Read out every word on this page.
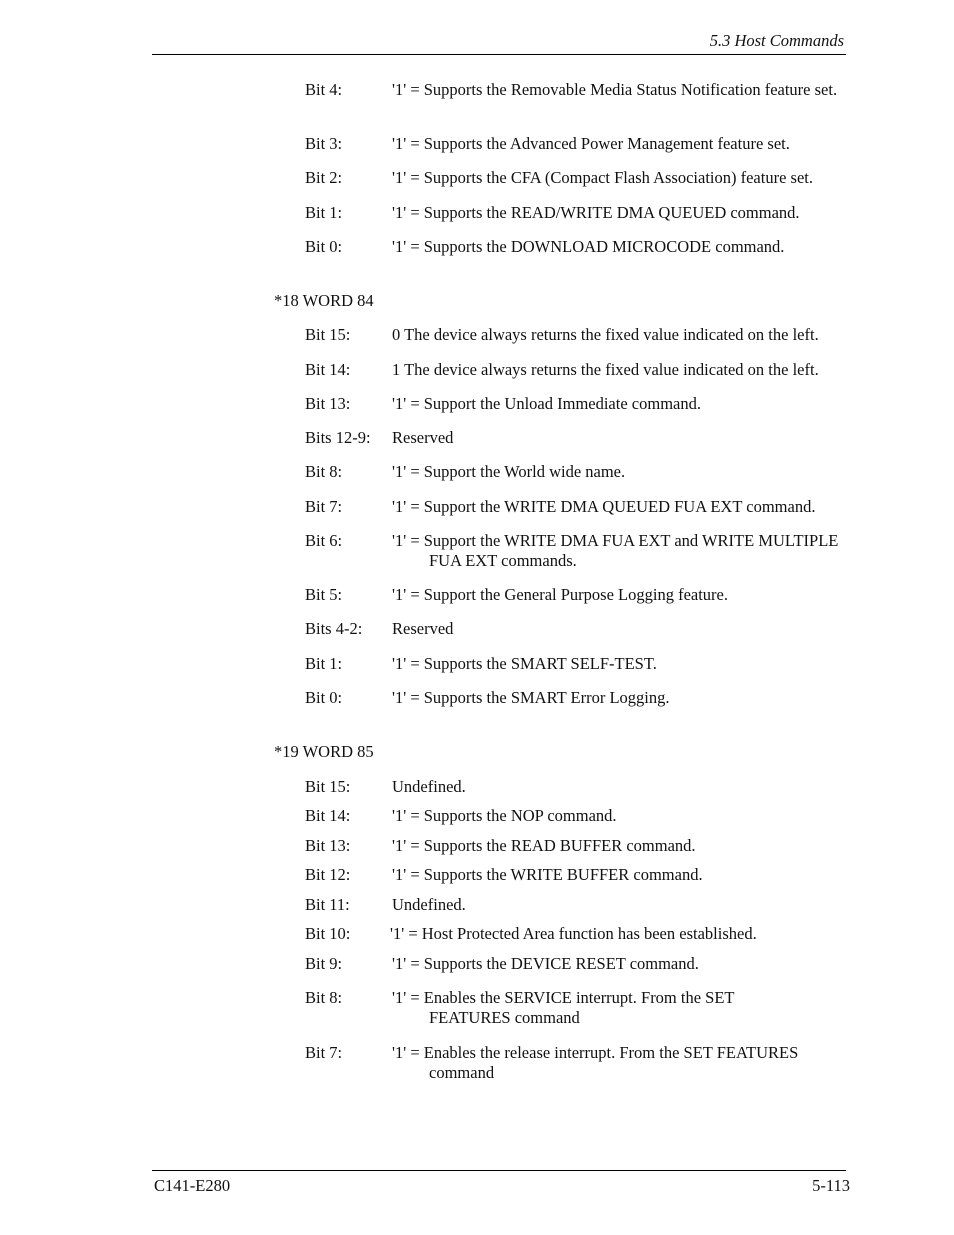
5.3 Host Commands
Bit 4:	'1' = Supports the Removable Media Status Notification feature set.
Bit 3:	'1' = Supports the Advanced Power Management feature set.
Bit 2:	'1' = Supports the CFA (Compact Flash Association) feature set.
Bit 1:	'1' = Supports the READ/WRITE DMA QUEUED command.
Bit 0:	'1' = Supports the DOWNLOAD MICROCODE command.
*18 WORD 84
Bit 15:	0 The device always returns the fixed value indicated on the left.
Bit 14:	1 The device always returns the fixed value indicated on the left.
Bit 13:	'1' = Support the Unload Immediate command.
Bits 12-9: Reserved
Bit 8:	'1' = Support the World wide name.
Bit 7:	'1' = Support the WRITE DMA QUEUED FUA EXT command.
Bit 6:	'1' = Support the WRITE DMA FUA EXT and WRITE MULTIPLE FUA EXT commands.
Bit 5:	'1' = Support the General Purpose Logging feature.
Bits 4-2: Reserved
Bit 1:	'1' = Supports the SMART SELF-TEST.
Bit 0:	'1' = Supports the SMART Error Logging.
*19 WORD 85
Bit 15:	Undefined.
Bit 14:	'1' = Supports the NOP command.
Bit 13:	'1' = Supports the READ BUFFER command.
Bit 12:	'1' = Supports the WRITE BUFFER command.
Bit 11:	Undefined.
Bit 10: '1' = Host Protected Area function has been established.
Bit 9:	'1' = Supports the DEVICE RESET command.
Bit 8:	'1' = Enables the SERVICE interrupt. From the SET FEATURES command
Bit 7:	'1' = Enables the release interrupt. From the SET FEATURES command
C141-E280	5-113
